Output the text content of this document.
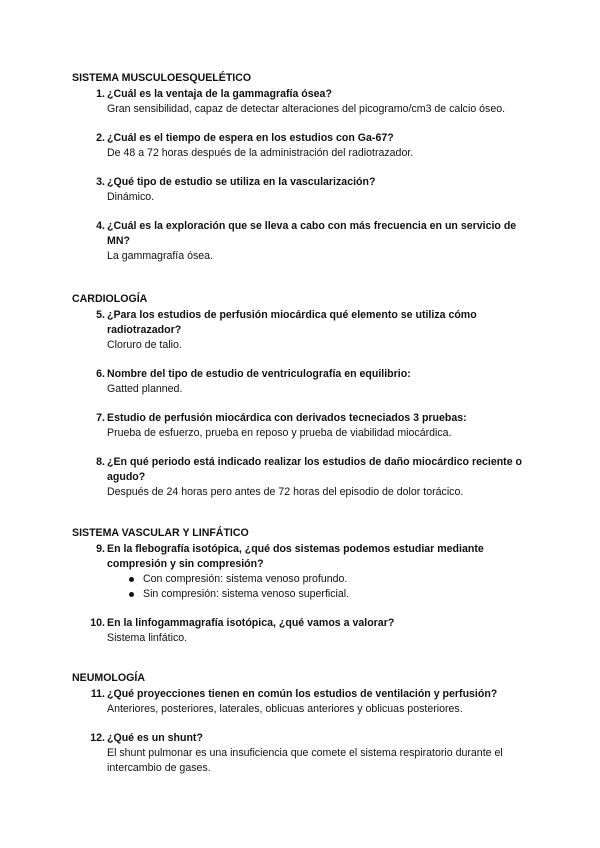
SISTEMA MUSCULOESQUELÉTICO
1. ¿Cuál es la ventaja de la gammagrafía ósea?
Gran sensibilidad, capaz de detectar alteraciones del picogramo/cm3 de calcio óseo.
2. ¿Cuál es el tiempo de espera en los estudios con Ga-67?
De 48 a 72 horas después de la administración del radiotrazador.
3. ¿Qué tipo de estudio se utiliza en la vascularización?
Dinámico.
4. ¿Cuál es la exploración que se lleva a cabo con más frecuencia en un servicio de MN?
La gammagrafía ósea.
CARDIOLOGÍA
5. ¿Para los estudios de perfusión miocárdica qué elemento se utiliza cómo radiotrazador?
Cloruro de talio.
6. Nombre del tipo de estudio de ventriculografía en equilibrio:
Gatted planned.
7. Estudio de perfusión miocárdica con derivados tecneciados 3 pruebas:
Prueba de esfuerzo, prueba en reposo y prueba de viabilidad miocárdica.
8. ¿En qué periodo está indicado realizar los estudios de daño miocárdico reciente o agudo?
Después de 24 horas pero antes de 72 horas del episodio de dolor torácico.
SISTEMA VASCULAR Y LINFÁTICO
9. En la flebografía isotópica, ¿qué dos sistemas podemos estudiar mediante compresión y sin compresión?
Con compresión: sistema venoso profundo.
Sin compresión: sistema venoso superficial.
10. En la linfogammagrafía isotópica, ¿qué vamos a valorar?
Sistema linfático.
NEUMOLOGÍA
11. ¿Qué proyecciones tienen en común los estudios de ventilación y perfusión?
Anteriores, posteriores, laterales, oblicuas anteriores y oblicuas posteriores.
12. ¿Qué es un shunt?
El shunt pulmonar es una insuficiencia que comete el sistema respiratorio durante el intercambio de gases.
